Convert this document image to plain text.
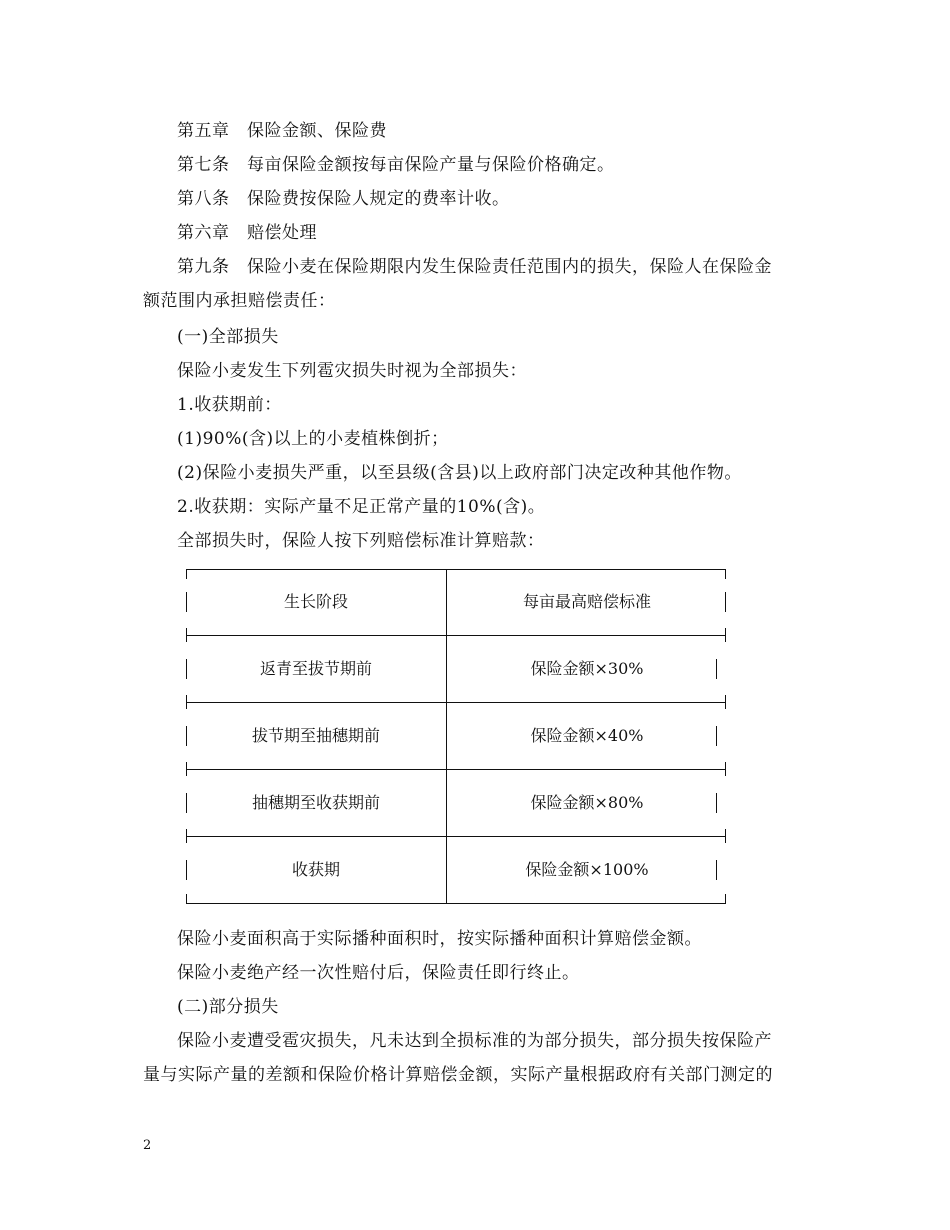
第五章　保险金额、保险费
第七条　每亩保险金额按每亩保险产量与保险价格确定。
第八条　保险费按保险人规定的费率计收。
第六章　赔偿处理
第九条　保险小麦在保险期限内发生保险责任范围内的损失，保险人在保险金
额范围内承担赔偿责任：
(一)全部损失
保险小麦发生下列雹灾损失时视为全部损失：
1.收获期前：
(1)90%(含)以上的小麦植株倒折；
(2)保险小麦损失严重，以至县级(含县)以上政府部门决定改种其他作物。
2.收获期：实际产量不足正常产量的10%(含)。
全部损失时，保险人按下列赔偿标准计算赔款：
生长阶段	每亩最高赔偿标准
返青至拔节期前	保险金额×30%
拔节期至抽穗期前	保险金额×40%
抽穗期至收获期前	保险金额×80%
收获期	保险金额×100%
保险小麦面积高于实际播种面积时，按实际播种面积计算赔偿金额。
保险小麦绝产经一次性赔付后，保险责任即行终止。
(二)部分损失
保险小麦遭受雹灾损失，凡未达到全损标准的为部分损失，部分损失按保险产
量与实际产量的差额和保险价格计算赔偿金额，实际产量根据政府有关部门测定的
2
